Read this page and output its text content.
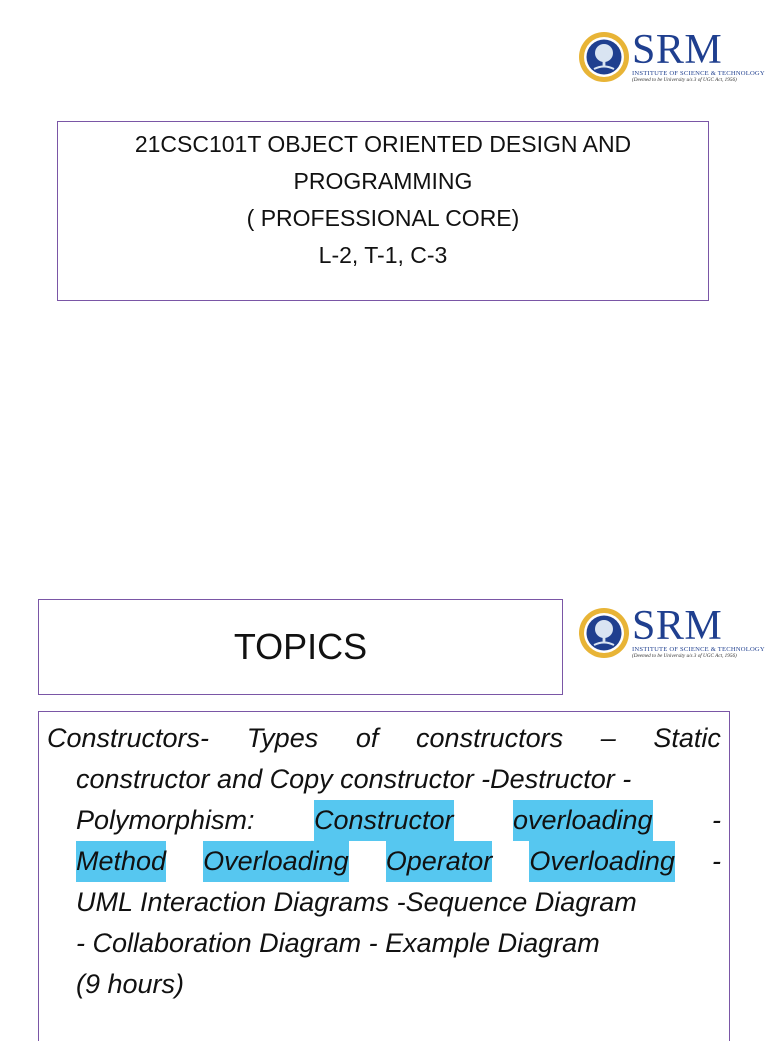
SRM
INSTITUTE OF SCIENCE & TECHNOLOGY
(Deemed to be University u/s 3 of UGC Act, 1956)

21CSC101T OBJECT ORIENTED DESIGN AND

PROGRAMMING

( PROFESSIONAL CORE)

L-2, T-1, C-3

SRM
INSTITUTE OF SCIENCE & TECHNOLOGY
(Deemed to be University u/s 3 of UGC Act, 1956)
TOPICS
Constructors- Types of constructors – Static
constructor and Copy constructor -Destructor -
Polymorphism: Constructor overloading -
Method Overloading Operator Overloading -
UML Interaction Diagrams -Sequence Diagram
- Collaboration Diagram - Example Diagram
(9 hours)
